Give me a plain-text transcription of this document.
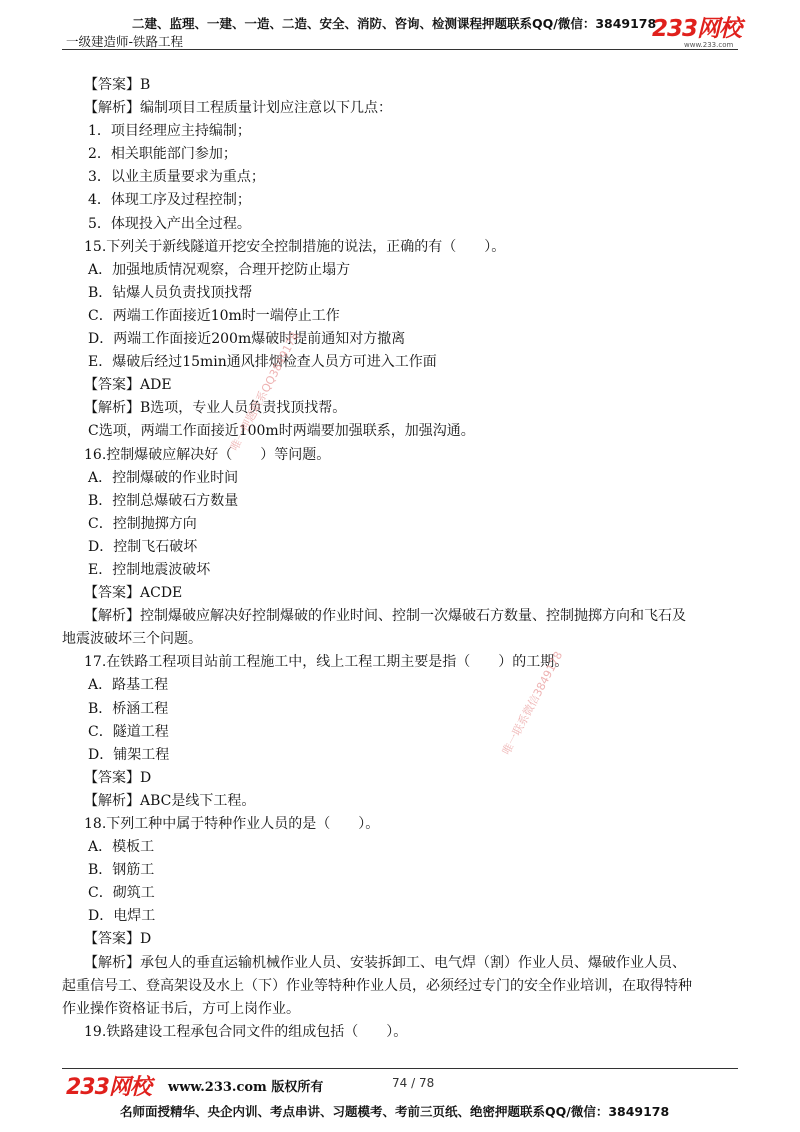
二建、监理、一建、一造、二造、安全、消防、咨询、检测课程押题联系QQ/微信：3849178
一级建造师-铁路工程	233网校
www.233.com
【答案】B
【解析】编制项目工程质量计划应注意以下几点：
1．项目经理应主持编制；
2．相关职能部门参加；
3．以业主质量要求为重点；
4．体现工序及过程控制；
5．体现投入产出全过程。
15.下列关于新线隧道开挖安全控制措施的说法，正确的有（　　）。
A．加强地质情况观察，合理开挖防止塌方
B．钻爆人员负责找顶找帮
C．两端工作面接近10m时一端停止工作
D．两端工作面接近200m爆破时提前通知对方撤离
E．爆破后经过15min通风排烟检查人员方可进入工作面
【答案】ADE
【解析】B选项，专业人员负责找顶找帮。
C选项，两端工作面接近100m时两端要加强联系，加强沟通。
16.控制爆破应解决好（　　）等问题。
A．控制爆破的作业时间
B．控制总爆破石方数量
C．控制抛掷方向
D．控制飞石破坏
E．控制地震波破坏
【答案】ACDE
【解析】控制爆破应解决好控制爆破的作业时间、控制一次爆破石方数量、控制抛掷方向和飞石及
地震波破坏三个问题。
17.在铁路工程项目站前工程施工中，线上工程工期主要是指（　　）的工期。
A．路基工程
B．桥涵工程
C．隧道工程
D．铺架工程
【答案】D
【解析】ABC是线下工程。
18.下列工种中属于特种作业人员的是（　　）。
A．模板工
B．钢筋工
C．砌筑工
D．电焊工
【答案】D
【解析】承包人的垂直运输机械作业人员、安装拆卸工、电气焊（割）作业人员、爆破作业人员、
起重信号工、登高架设及水上（下）作业等特种作业人员，必须经过专门的安全作业培训，在取得特种
作业操作资格证书后，方可上岗作业。
19.铁路建设工程承包合同文件的组成包括（　　）。
唯一押题联系QQ3849178
唯一联系微信3849178
233网校 www.233.com 版权所有	74 / 78
名师面授精华、央企内训、考点串讲、习题模考、考前三页纸、绝密押题联系QQ/微信：3849178
